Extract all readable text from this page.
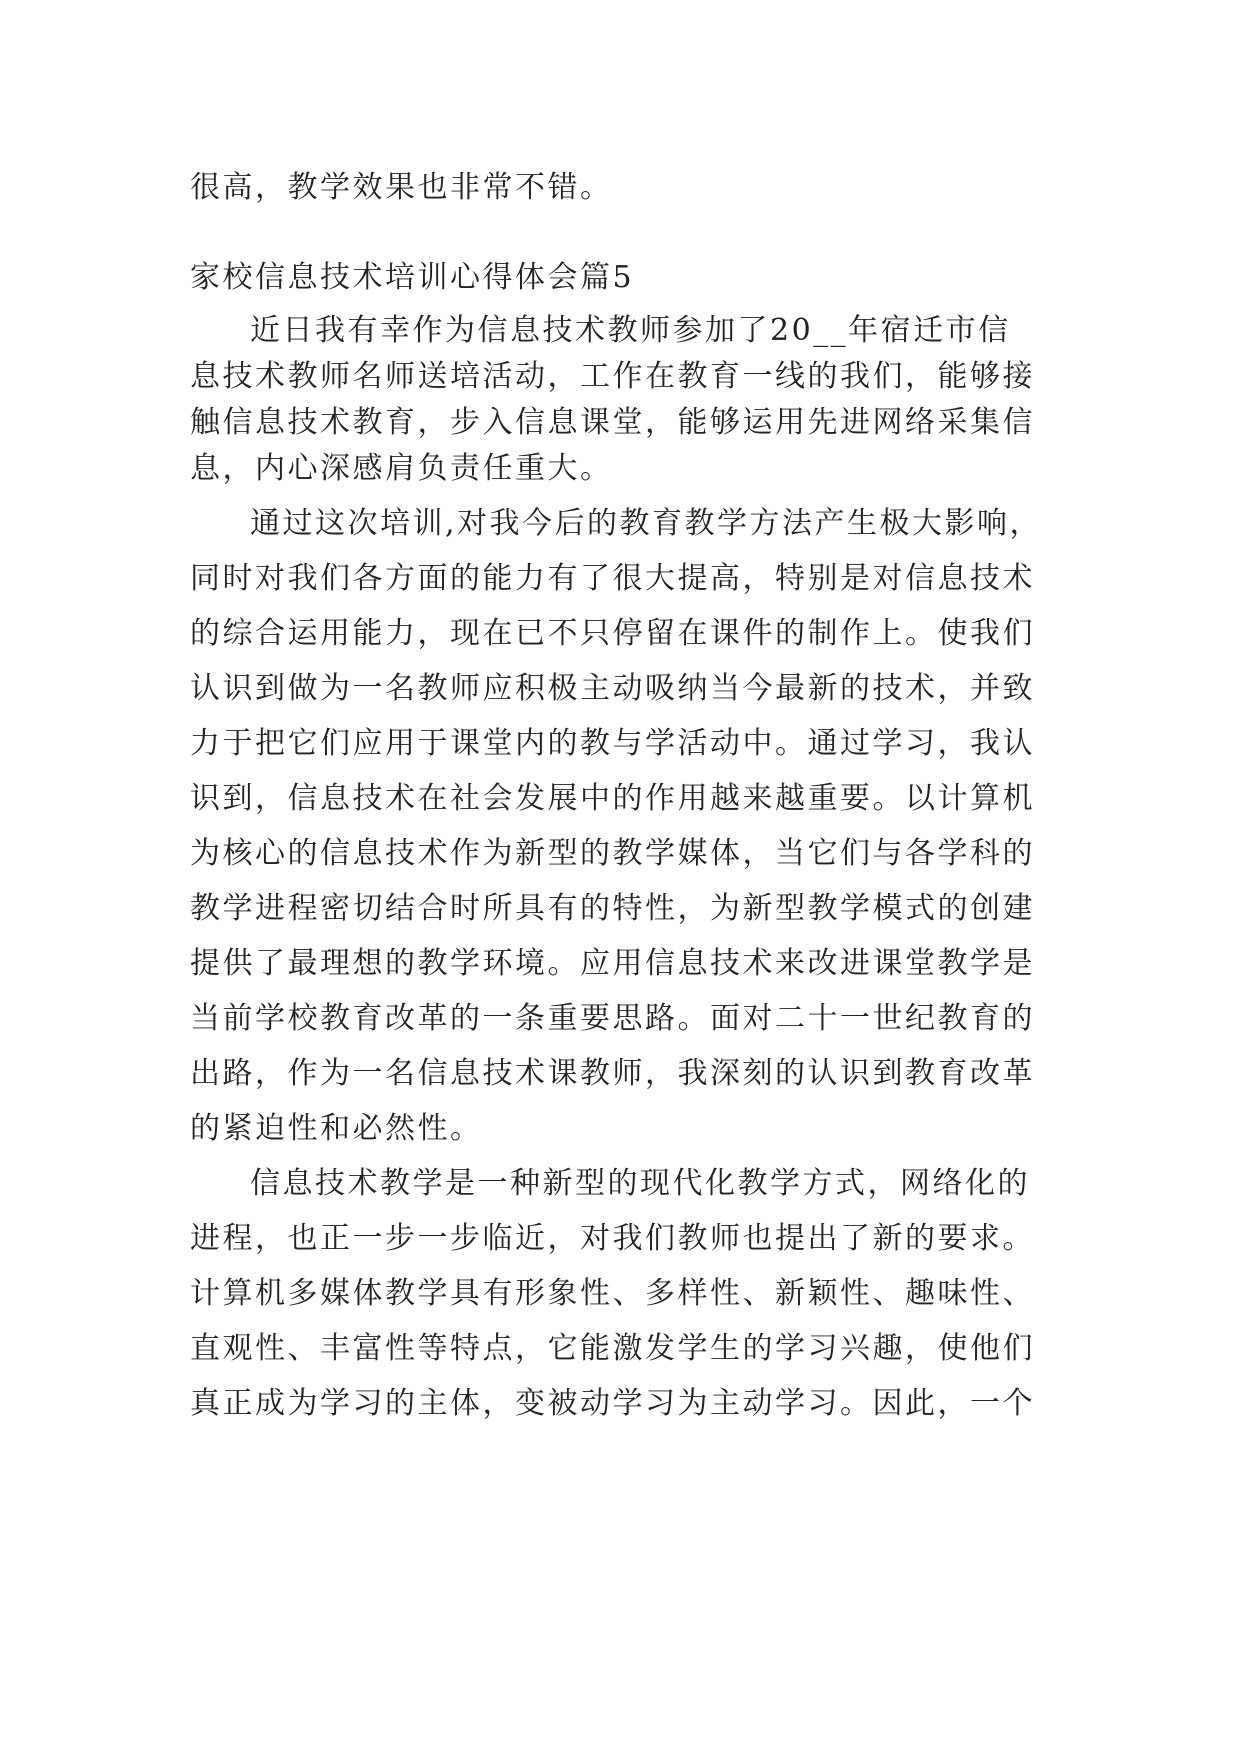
很高，教学效果也非常不错。
家校信息技术培训心得体会篇5
近日我有幸作为信息技术教师参加了20__年宿迁市信
息技术教师名师送培活动，工作在教育一线的我们，能够接
触信息技术教育，步入信息课堂，能够运用先进网络采集信
息，内心深感肩负责任重大。
通过这次培训,对我今后的教育教学方法产生极大影响，
同时对我们各方面的能力有了很大提高，特别是对信息技术
的综合运用能力，现在已不只停留在课件的制作上。使我们
认识到做为一名教师应积极主动吸纳当今最新的技术，并致
力于把它们应用于课堂内的教与学活动中。通过学习，我认
识到，信息技术在社会发展中的作用越来越重要。以计算机
为核心的信息技术作为新型的教学媒体，当它们与各学科的
教学进程密切结合时所具有的特性，为新型教学模式的创建
提供了最理想的教学环境。应用信息技术来改进课堂教学是
当前学校教育改革的一条重要思路。面对二十一世纪教育的
出路，作为一名信息技术课教师，我深刻的认识到教育改革
的紧迫性和必然性。
信息技术教学是一种新型的现代化教学方式，网络化的
进程，也正一步一步临近，对我们教师也提出了新的要求。
计算机多媒体教学具有形象性、多样性、新颖性、趣味性、
直观性、丰富性等特点，它能激发学生的学习兴趣，使他们
真正成为学习的主体，变被动学习为主动学习。因此，一个
